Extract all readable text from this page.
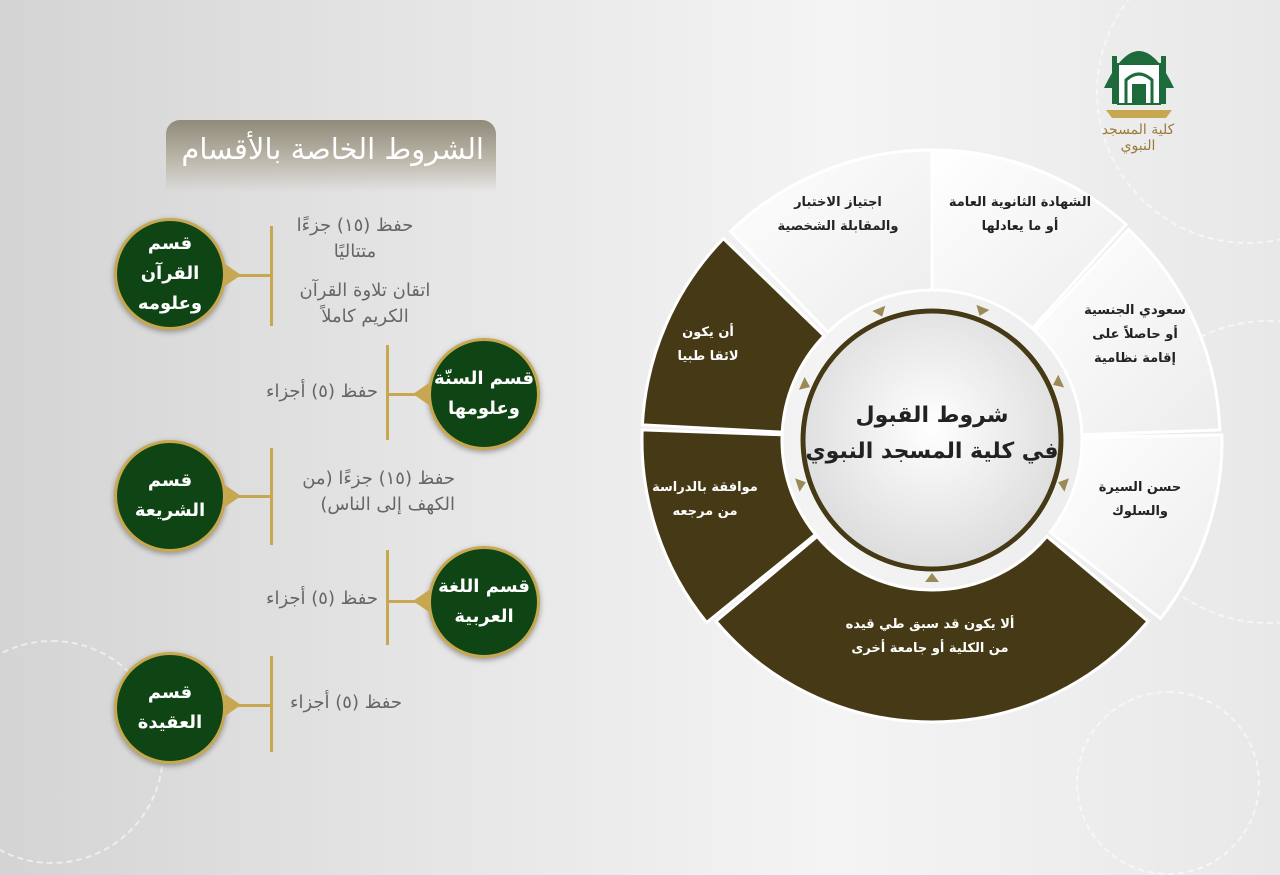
كلية المسجد النبوي
الشروط الخاصة بالأقسام
قسم القرآن
وعلومه
حفظ (١٥) جزءًا
متتاليًا
اتقان تلاوة القرآن
الكريم كاملاً
قسم السنّة
وعلومها
حفظ (٥) أجزاء
قسم
الشريعة
حفظ (١٥) جزءًا (من
الكهف إلى الناس)
قسم اللغة
العربية
حفظ (٥) أجزاء
قسم
العقيدة
حفظ (٥) أجزاء
شروط القبول
في كلية المسجد النبوي
الشهادة الثانوية العامة
أو ما يعادلها
سعودي الجنسية
أو حاصلاً على
إقامة نظامية
حسن السيرة
والسلوك
ألا يكون قد سبق طي قيده
من الكلية أو جامعة أخرى
موافقة بالدراسة
من مرجعه
أن يكون
لائقا طبيا
اجتياز الاختبار
والمقابلة الشخصية
